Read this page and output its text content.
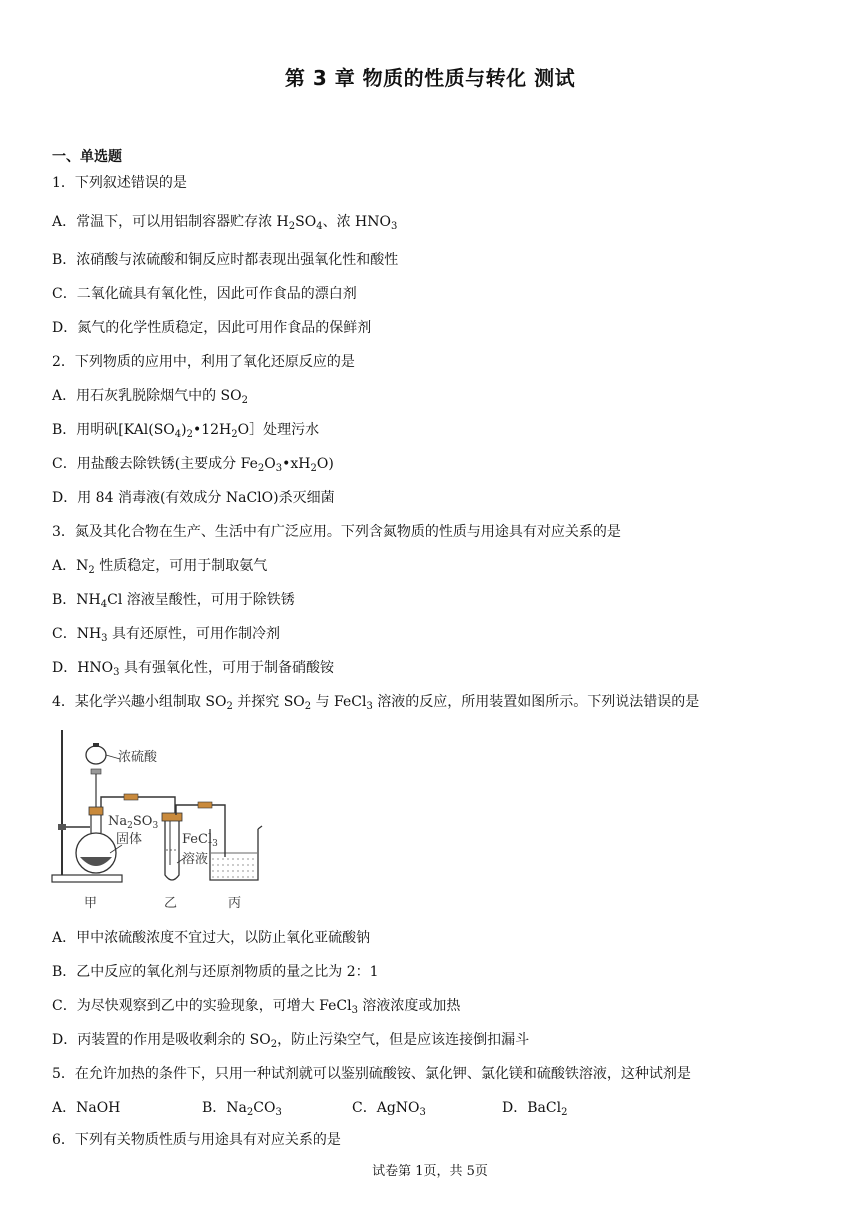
第 3 章 物质的性质与转化 测试
一、单选题
1．下列叙述错误的是
A．常温下，可以用铝制容器贮存浓 $H_2SO_4$、浓 $HNO_3$
B．浓硝酸与浓硫酸和铜反应时都表现出强氧化性和酸性
C．二氧化硫具有氧化性，因此可作食品的漂白剂
D．氮气的化学性质稳定，因此可用作食品的保鲜剂
2．下列物质的应用中，利用了氧化还原反应的是
A．用石灰乳脱除烟气中的 $SO_2$
B．用明矾[$KAl(SO_4)_2•12H_2O]$处理污水
C．用盐酸去除铁锈(主要成分 $Fe_2O_3•xH_2O$)
D．用 84 消毒液(有效成分 NaClO)杀灭细菌
3．氮及其化合物在生产、生活中有广泛应用。下列含氮物质的性质与用途具有对应关系的是
A．$N_2$ 性质稳定，可用于制取氨气
B．$NH_4Cl$ 溶液呈酸性，可用于除铁锈
C．$NH_3$ 具有还原性，可用作制冷剂
D．$HNO_3$ 具有强氧化性，可用于制备硝酸铵
4．某化学兴趣小组制取 $SO_2$ 并探究 $SO_2$ 与 FeCl$_3$ 溶液的反应，所用装置如图所示。下列说法错误的是
浓硫酸
$Na_2SO_3$
固体	FeCl$_3$
溶液
甲	乙	丙
A．甲中浓硫酸浓度不宜过大，以防止氧化亚硫酸钠
B．乙中反应的氧化剂与还原剂物质的量之比为 2：1
C．为尽快观察到乙中的实验现象，可增大 FeCl$_3$ 溶液浓度或加热
D．丙装置的作用是吸收剩余的 $SO_2$，防止污染空气，但是应该连接倒扣漏斗
5．在允许加热的条件下，只用一种试剂就可以鉴别硫酸铵、氯化钾、氯化镁和硫酸铁溶液，这种试剂是
A．NaOH	B．$Na_2CO_3$	C．AgNO$_3$	D．BaCl$_2$
6．下列有关物质性质与用途具有对应关系的是
试卷第 1页，共 5页
